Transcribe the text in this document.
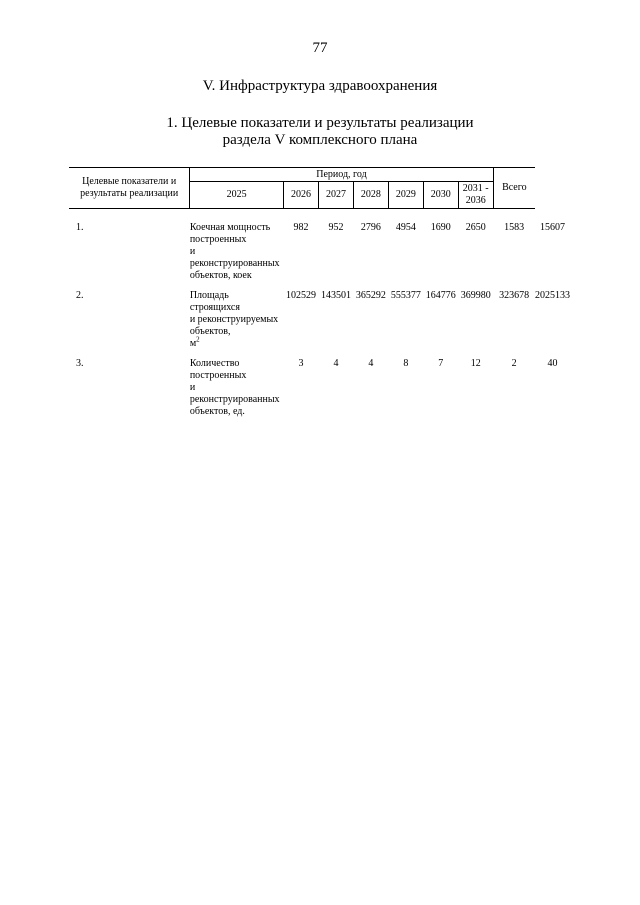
77
V. Инфраструктура здравоохранения
1. Целевые показатели и результаты реализации
раздела V комплексного плана
Целевые показатели и результаты реализации	Период, год							Всего	
	2025	2026	2027	2028	2029	2030	2031 - 2036		

1.	Коечная мощность
построенных
и реконструированных
объектов, коек	982	952	2796	4954	1690	2650	1583	15607
2.	Площадь строящихся
и реконструируемых объектов,
$м^2$	102529	143501	365292	555377	164776	369980	323678	2025133
3.	Количество построенных
и реконструированных
объектов, ед.	3	4	4	8	7	12	2	40
